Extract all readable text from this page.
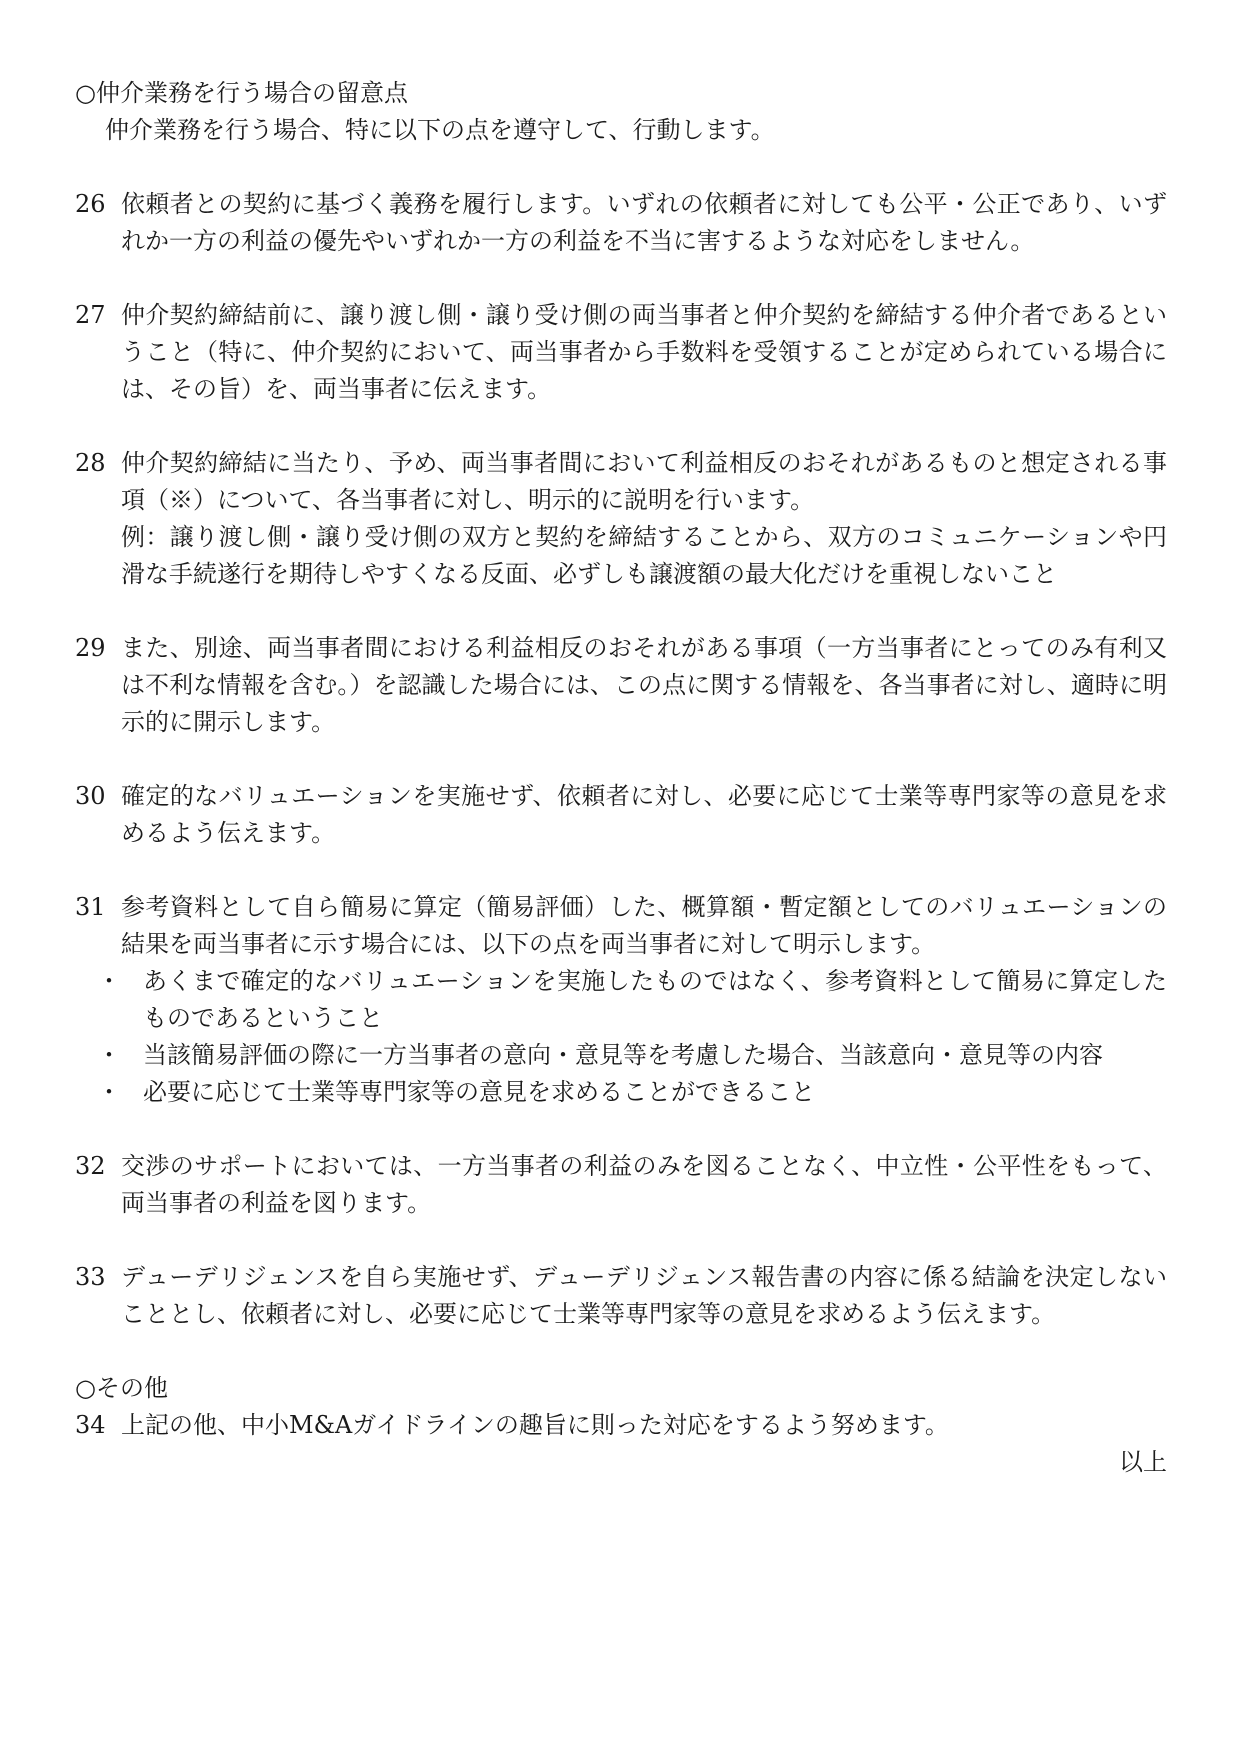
○仲介業務を行う場合の留意点

仲介業務を行う場合、特に以下の点を遵守して、行動します。

26 依頼者との契約に基づく義務を履行します。いずれの依頼者に対しても公平・公正であり、いずれか一方の利益の優先やいずれか一方の利益を不当に害するような対応をしません。

27 仲介契約締結前に、譲り渡し側・譲り受け側の両当事者と仲介契約を締結する仲介者であるということ（特に、仲介契約において、両当事者から手数料を受領することが定められている場合には、その旨）を、両当事者に伝えます。

28 仲介契約締結に当たり、予め、両当事者間において利益相反のおそれがあるものと想定される事項（※）について、各当事者に対し、明示的に説明を行います。

例：譲り渡し側・譲り受け側の双方と契約を締結することから、双方のコミュニケーションや円滑な手続遂行を期待しやすくなる反面、必ずしも譲渡額の最大化だけを重視しないこと

29 また、別途、両当事者間における利益相反のおそれがある事項（一方当事者にとってのみ有利又は不利な情報を含む。）を認識した場合には、この点に関する情報を、各当事者に対し、適時に明示的に開示します。

30 確定的なバリュエーションを実施せず、依頼者に対し、必要に応じて士業等専門家等の意見を求めるよう伝えます。

31 参考資料として自ら簡易に算定（簡易評価）した、概算額・暫定額としてのバリュエーションの結果を両当事者に示す場合には、以下の点を両当事者に対して明示します。

・ あくまで確定的なバリュエーションを実施したものではなく、参考資料として簡易に算定したものであるということ
・ 当該簡易評価の際に一方当事者の意向・意見等を考慮した場合、当該意向・意見等の内容
・ 必要に応じて士業等専門家等の意見を求めることができること
32 交渉のサポートにおいては、一方当事者の利益のみを図ることなく、中立性・公平性をもって、両当事者の利益を図ります。

33 デューデリジェンスを自ら実施せず、デューデリジェンス報告書の内容に係る結論を決定しないこととし、依頼者に対し、必要に応じて士業等専門家等の意見を求めるよう伝えます。

○その他

34 上記の他、中小M&Aガイドラインの趣旨に則った対応をするよう努めます。

以上
